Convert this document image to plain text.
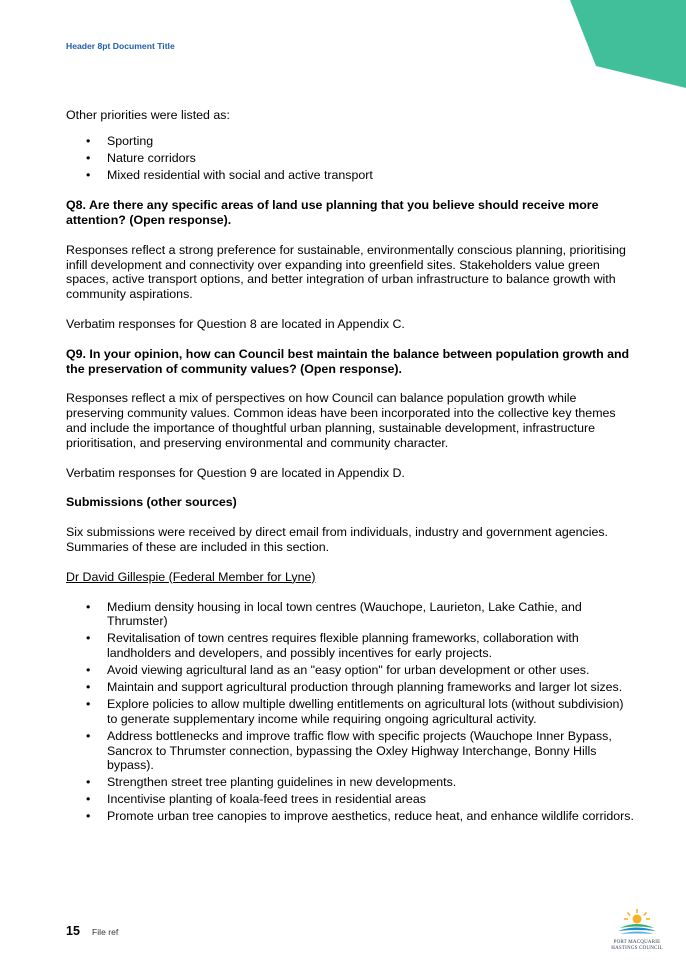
Header 8pt Document Title

Other priorities were listed as:

• Sporting
• Nature corridors
• Mixed residential with social and active transport

Q8. Are there any specific areas of land use planning that you believe should receive more attention? (Open response).

Responses reflect a strong preference for sustainable, environmentally conscious planning, prioritising infill development and connectivity over expanding into greenfield sites. Stakeholders value green spaces, active transport options, and better integration of urban infrastructure to balance growth with community aspirations.

Verbatim responses for Question 8 are located in Appendix C.

Q9. In your opinion, how can Council best maintain the balance between population growth and the preservation of community values? (Open response).

Responses reflect a mix of perspectives on how Council can balance population growth while preserving community values. Common ideas have been incorporated into the collective key themes and include the importance of thoughtful urban planning, sustainable development, infrastructure prioritisation, and preserving environmental and community character.

Verbatim responses for Question 9 are located in Appendix D.

Submissions (other sources)

Six submissions were received by direct email from individuals, industry and government agencies. Summaries of these are included in this section.

Dr David Gillespie (Federal Member for Lyne)

• Medium density housing in local town centres (Wauchope, Laurieton, Lake Cathie, and Thrumster)
• Revitalisation of town centres requires flexible planning frameworks, collaboration with landholders and developers, and possibly incentives for early projects.
• Avoid viewing agricultural land as an "easy option" for urban development or other uses.
• Maintain and support agricultural production through planning frameworks and larger lot sizes.
• Explore policies to allow multiple dwelling entitlements on agricultural lots (without subdivision) to generate supplementary income while requiring ongoing agricultural activity.
• Address bottlenecks and improve traffic flow with specific projects (Wauchope Inner Bypass, Sancrox to Thrumster connection, bypassing the Oxley Highway Interchange, Bonny Hills bypass).
• Strengthen street tree planting guidelines in new developments.
• Incentivise planting of koala-feed trees in residential areas
• Promote urban tree canopies to improve aesthetics, reduce heat, and enhance wildlife corridors.
15 File ref
PORT MACQUARIE
HASTINGS COUNCIL
